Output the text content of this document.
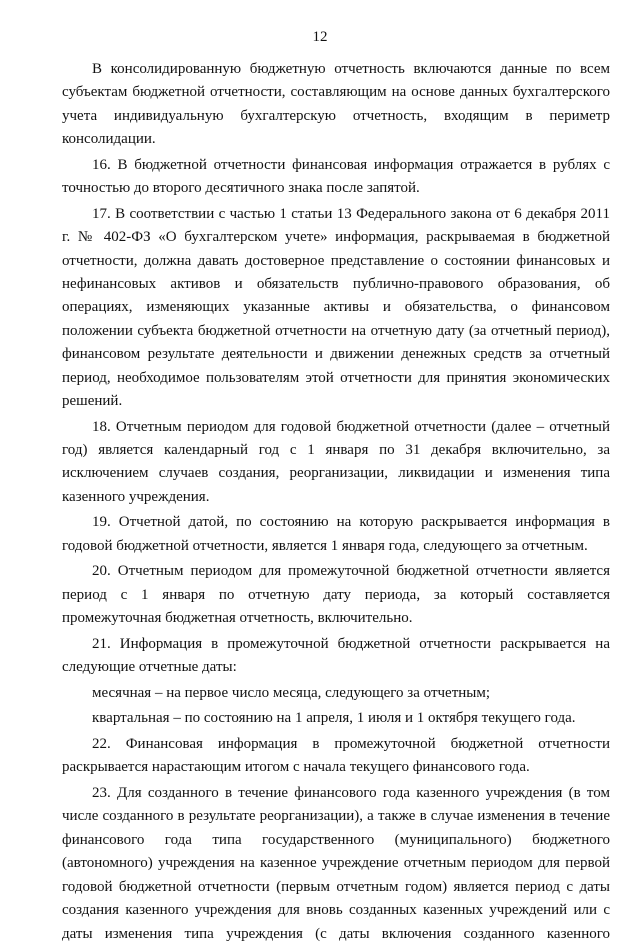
12

В консолидированную бюджетную отчетность включаются данные по всем субъектам бюджетной отчетности, составляющим на основе данных бухгалтерского учета индивидуальную бухгалтерскую отчетность, входящим в периметр консолидации.

16. В бюджетной отчетности финансовая информация отражается в рублях с точностью до второго десятичного знака после запятой.

17. В соответствии с частью 1 статьи 13 Федерального закона от 6 декабря 2011 г. № 402-ФЗ «О бухгалтерском учете» информация, раскрываемая в бюджетной отчетности, должна давать достоверное представление о состоянии финансовых и нефинансовых активов и обязательств публично-правового образования, об операциях, изменяющих указанные активы и обязательства, о финансовом положении субъекта бюджетной отчетности на отчетную дату (за отчетный период), финансовом результате деятельности и движении денежных средств за отчетный период, необходимое пользователям этой отчетности для принятия экономических решений.

18. Отчетным периодом для годовой бюджетной отчетности (далее – отчетный год) является календарный год с 1 января по 31 декабря включительно, за исключением случаев создания, реорганизации, ликвидации и изменения типа казенного учреждения.

19. Отчетной датой, по состоянию на которую раскрывается информация в годовой бюджетной отчетности, является 1 января года, следующего за отчетным.

20. Отчетным периодом для промежуточной бюджетной отчетности является период с 1 января по отчетную дату периода, за который составляется промежуточная бюджетная отчетность, включительно.

21. Информация в промежуточной бюджетной отчетности раскрывается на следующие отчетные даты:

месячная – на первое число месяца, следующего за отчетным;

квартальная – по состоянию на 1 апреля, 1 июля и 1 октября текущего года.

22. Финансовая информация в промежуточной бюджетной отчетности раскрывается нарастающим итогом с начала текущего финансового года.

23. Для созданного в течение финансового года казенного учреждения (в том числе созданного в результате реорганизации), а также в случае изменения в течение финансового года типа государственного (муниципального) бюджетного (автономного) учреждения на казенное учреждение отчетным периодом для первой годовой бюджетной отчетности (первым отчетным годом) является период с даты создания казенного учреждения для вновь созданных казенных учреждений или с даты изменения типа учреждения (с даты включения созданного казенного
